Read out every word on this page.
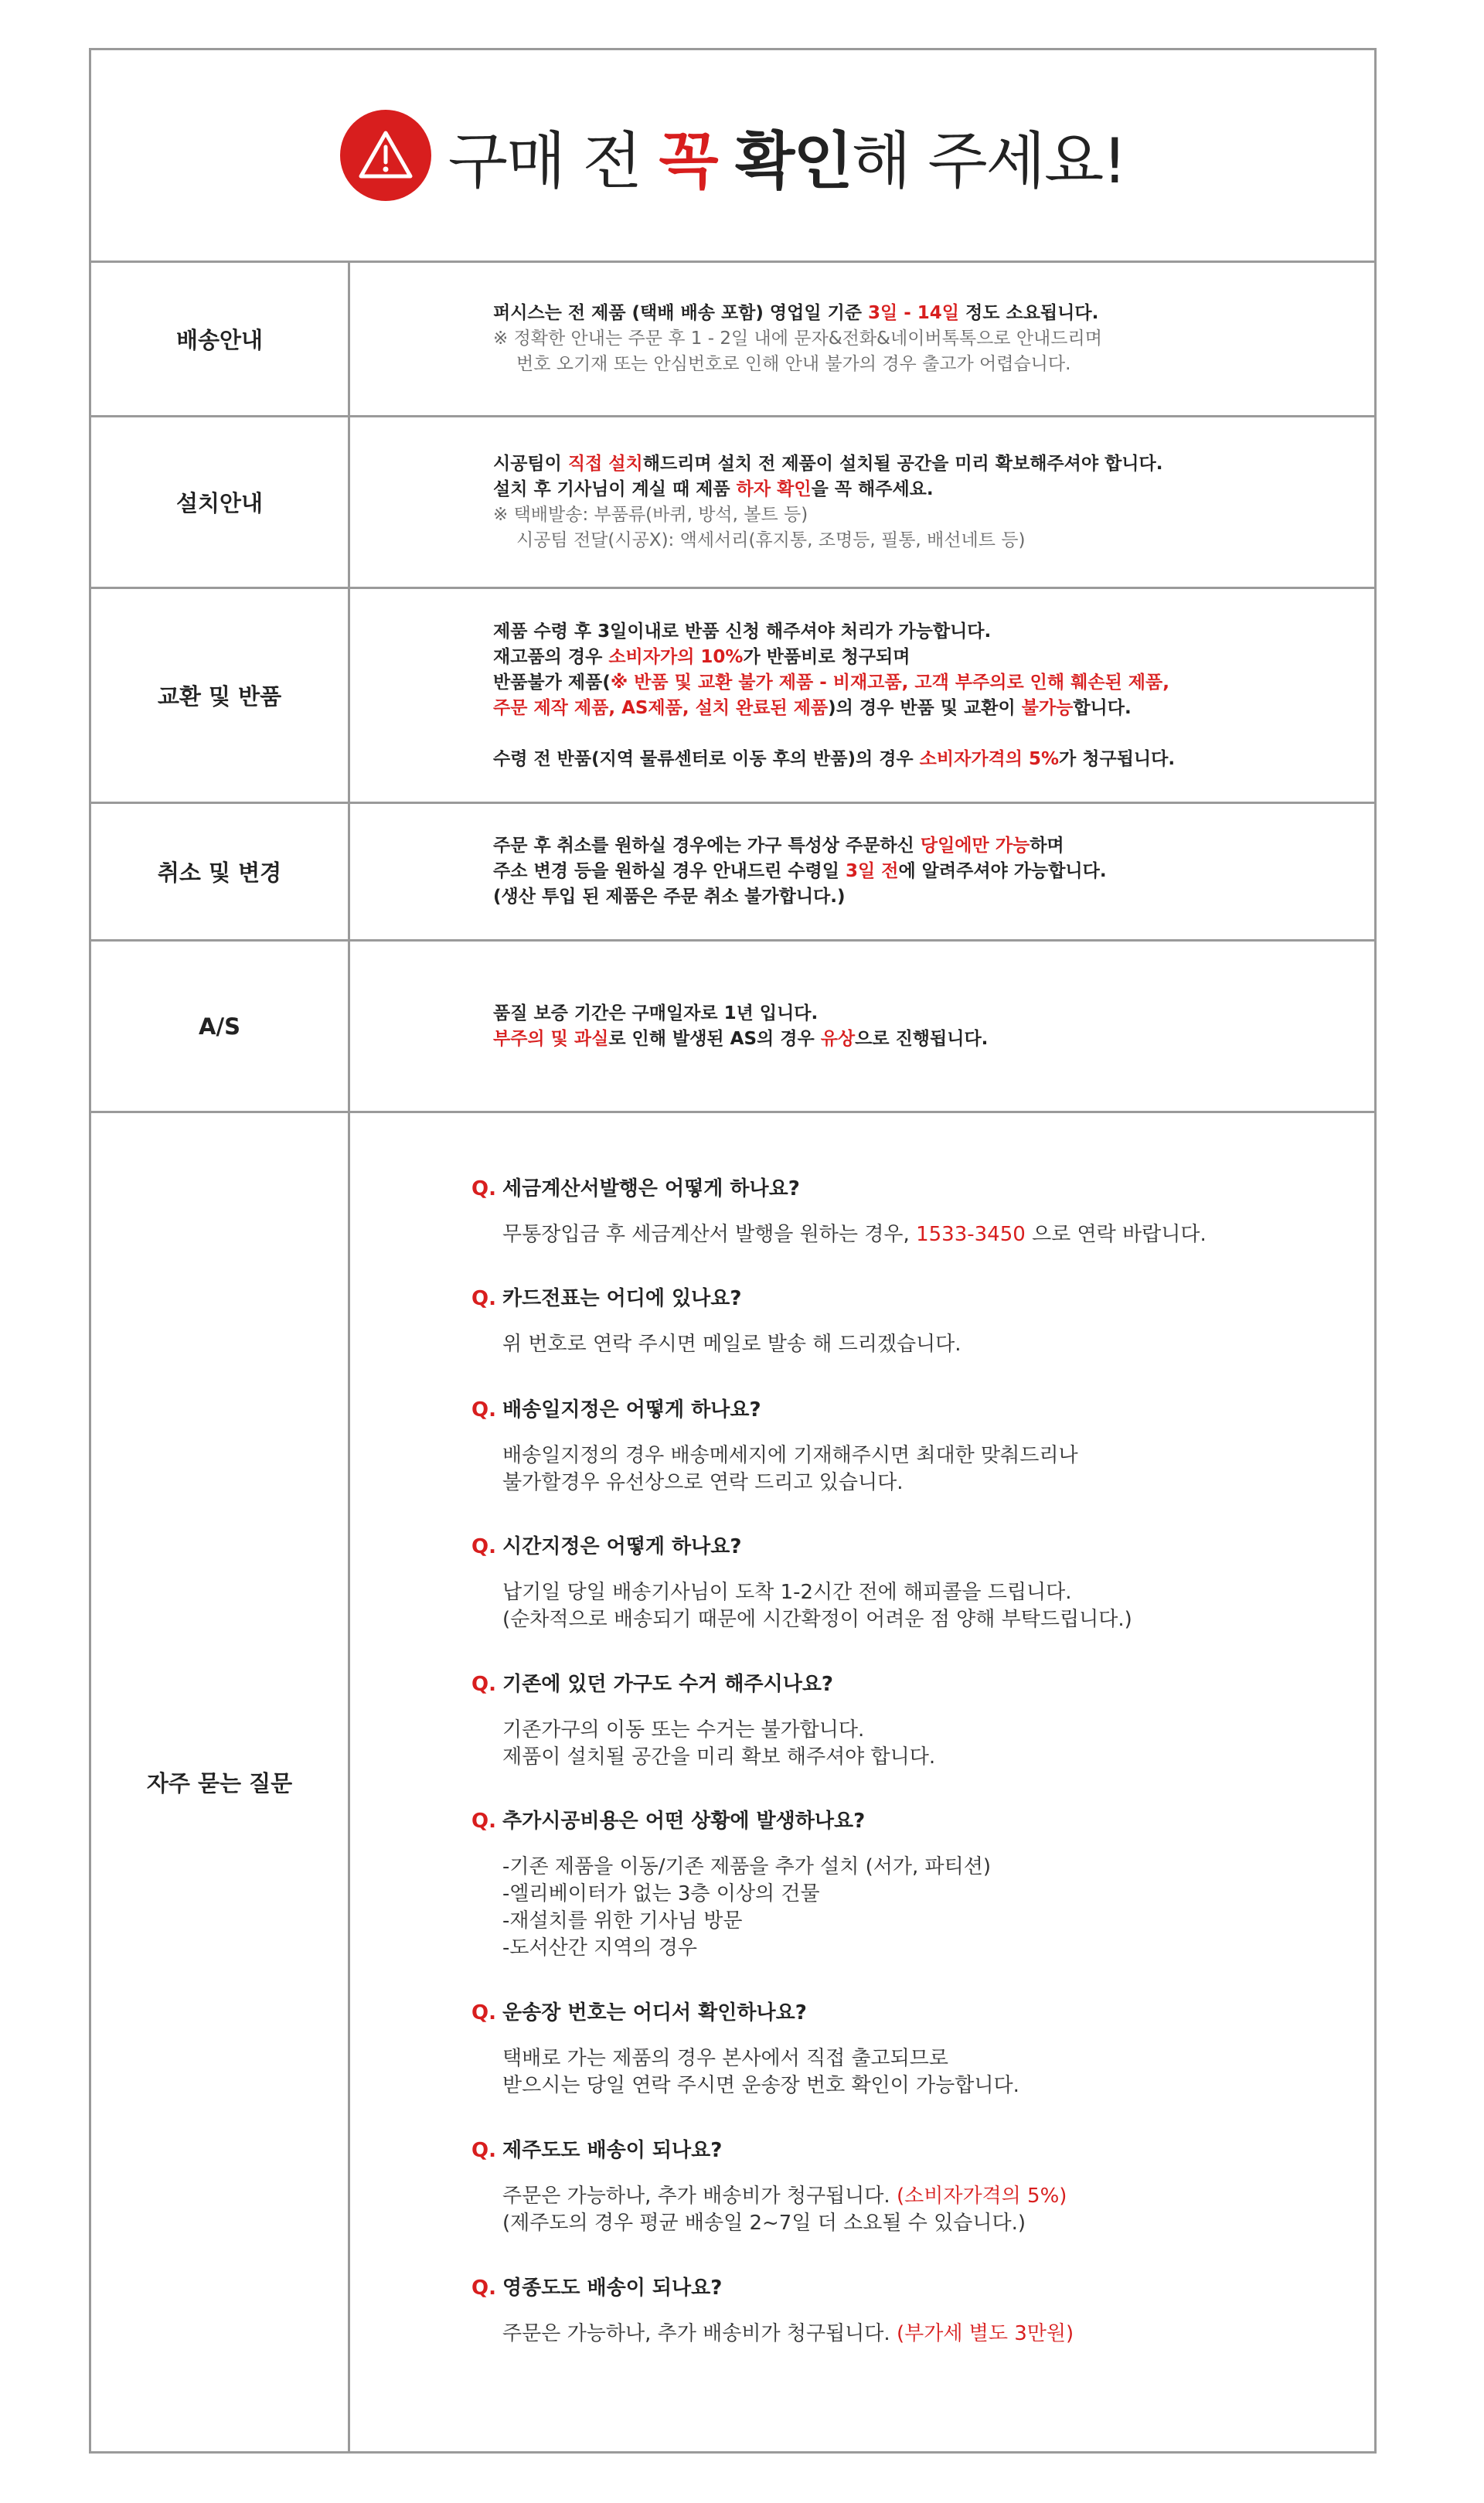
구매 전 꼭 확인해 주세요!
배송안내
퍼시스는 전 제품 (택배 배송 포함) 영업일 기준 3일 - 14일 정도 소요됩니다.
※ 정확한 안내는 주문 후 1 - 2일 내에 문자&전화&네이버톡톡으로 안내드리며
번호 오기재 또는 안심번호로 인해 안내 불가의 경우 출고가 어렵습니다.
설치안내
시공팀이 직접 설치해드리며 설치 전 제품이 설치될 공간을 미리 확보해주셔야 합니다.
설치 후 기사님이 계실 때 제품 하자 확인을 꼭 해주세요.
※ 택배발송: 부품류(바퀴, 방석, 볼트 등)
시공팀 전달(시공X): 액세서리(휴지통, 조명등, 필통, 배선네트 등)
교환 및 반품
제품 수령 후 3일이내로 반품 신청 해주셔야 처리가 가능합니다.
재고품의 경우 소비자가의 10%가 반품비로 청구되며
반품불가 제품(※ 반품 및 교환 불가 제품 - 비재고품, 고객 부주의로 인해 훼손된 제품,
주문 제작 제품, AS제품, 설치 완료된 제품)의 경우 반품 및 교환이 불가능합니다.
수령 전 반품(지역 물류센터로 이동 후의 반품)의 경우 소비자가격의 5%가 청구됩니다.
취소 및 변경
주문 후 취소를 원하실 경우에는 가구 특성상 주문하신 당일에만 가능하며
주소 변경 등을 원하실 경우 안내드린 수령일 3일 전에 알려주셔야 가능합니다.
(생산 투입 된 제품은 주문 취소 불가합니다.)
A/S	품질 보증 기간은 구매일자로 1년 입니다.
부주의 및 과실로 인해 발생된 AS의 경우 유상으로 진행됩니다.
자주 묻는 질문
Q. 세금계산서발행은 어떻게 하나요?
무통장입금 후 세금계산서 발행을 원하는 경우, 1533-3450 으로 연락 바랍니다.
Q. 카드전표는 어디에 있나요?
위 번호로 연락 주시면 메일로 발송 해 드리겠습니다.
Q. 배송일지정은 어떻게 하나요?
배송일지정의 경우 배송메세지에 기재해주시면 최대한 맞춰드리나
불가할경우 유선상으로 연락 드리고 있습니다.
Q. 시간지정은 어떻게 하나요?
납기일 당일 배송기사님이 도착 1-2시간 전에 해피콜을 드립니다.
(순차적으로 배송되기 때문에 시간확정이 어려운 점 양해 부탁드립니다.)
Q. 기존에 있던 가구도 수거 해주시나요?
기존가구의 이동 또는 수거는 불가합니다.
제품이 설치될 공간을 미리 확보 해주셔야 합니다.
Q. 추가시공비용은 어떤 상황에 발생하나요?
-기존 제품을 이동/기존 제품을 추가 설치 (서가, 파티션)
-엘리베이터가 없는 3층 이상의 건물
-재설치를 위한 기사님 방문
-도서산간 지역의 경우
Q. 운송장 번호는 어디서 확인하나요?
택배로 가는 제품의 경우 본사에서 직접 출고되므로
받으시는 당일 연락 주시면 운송장 번호 확인이 가능합니다.
Q. 제주도도 배송이 되나요?
주문은 가능하나, 추가 배송비가 청구됩니다. (소비자가격의 5%)
(제주도의 경우 평균 배송일 2~7일 더 소요될 수 있습니다.)
Q. 영종도도 배송이 되나요?
주문은 가능하나, 추가 배송비가 청구됩니다. (부가세 별도 3만원)
